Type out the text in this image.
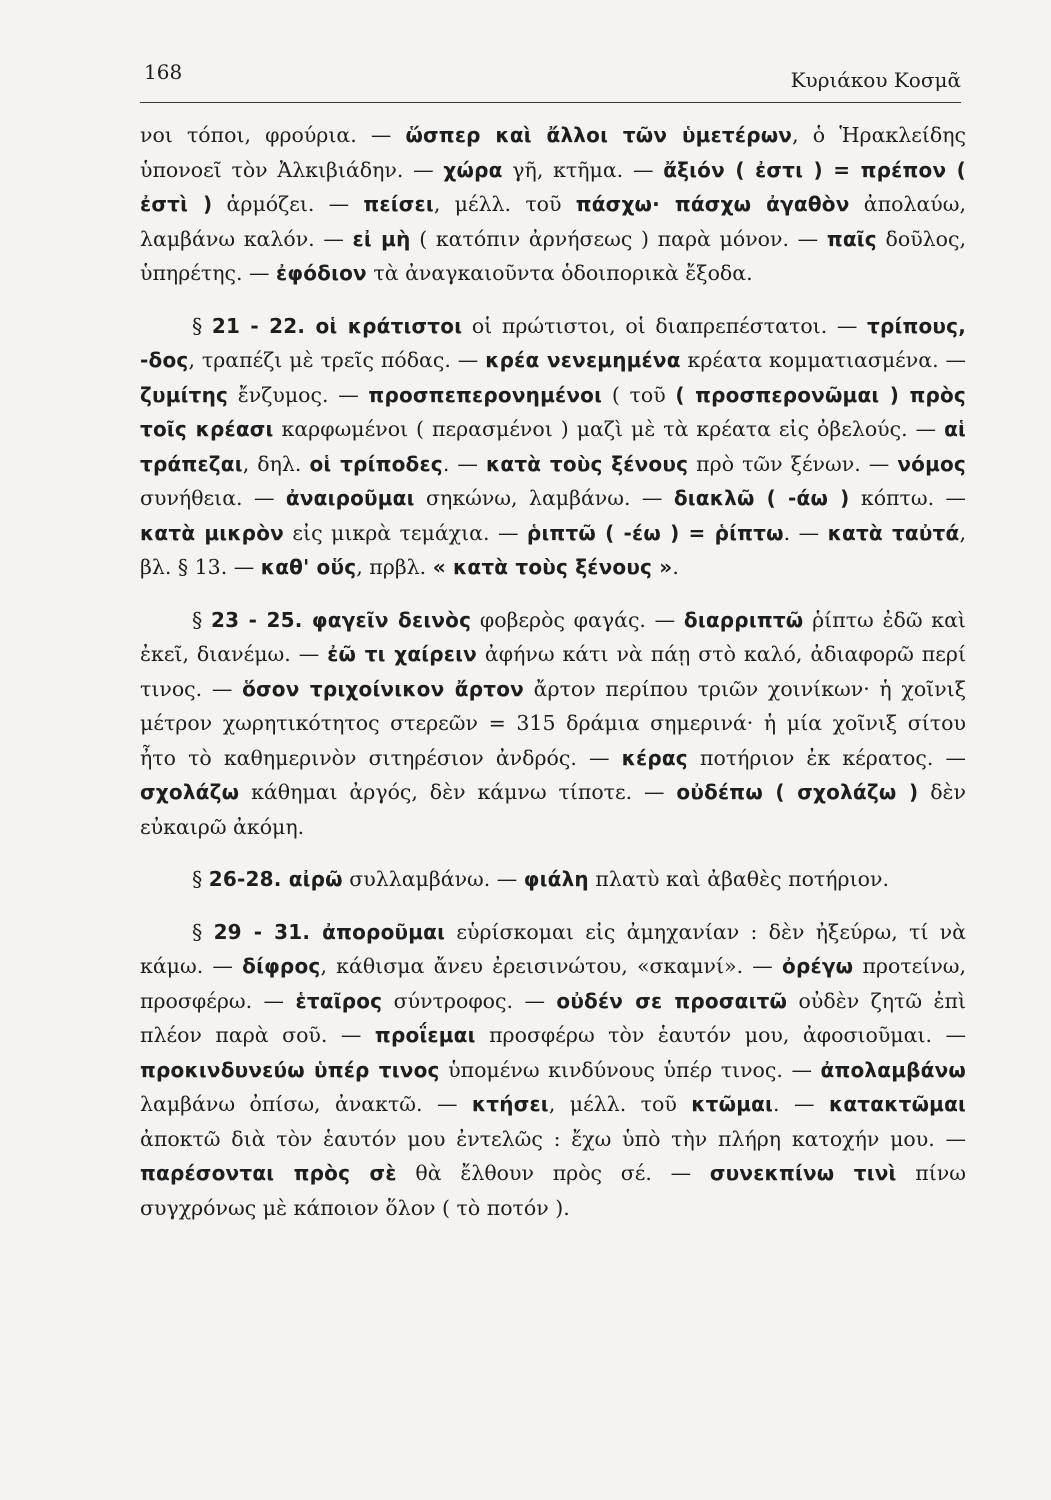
168	Κυριάκου Κοσμᾶ

νοι τόποι, φρούρια. — ὥσπερ καὶ ἄλλοι τῶν ὑμετέρων, ὁ Ἡρακλείδης ὑπονοεῖ τὸν Ἀλκιβιάδην. — χώρα γῆ, κτῆμα. — ἄξιόν ( ἐστι ) = πρέπον ( ἐστὶ ) ἁρμόζει. — πείσει, μέλλ. τοῦ πάσχω· πάσχω ἀγαθὸν ἀπολαύω, λαμβάνω καλόν. — εἰ μὴ ( κατόπιν ἀρνήσεως ) παρὰ μόνον. — παῖς δοῦλος, ὑπηρέτης. — ἐφόδιον τὰ ἀναγκαιοῦντα ὁδοιπορικὰ ἔξοδα.

§ 21 - 22. οἱ κράτιστοι οἱ πρώτιστοι, οἱ διαπρεπέστατοι. — τρίπους, -δος, τραπέζι μὲ τρεῖς πόδας. — κρέα νενεμημένα κρέατα κομματιασμένα. — ζυμίτης ἔνζυμος. — προσπεπερονημένοι ( τοῦ ( προσπερονῶμαι ) πρὸς τοῖς κρέασι καρφωμένοι ( περασμένοι ) μαζὶ μὲ τὰ κρέατα εἰς ὀβελούς. — αἱ τράπεζαι, δηλ. οἱ τρίποδες. — κατὰ τοὺς ξένους πρὸ τῶν ξένων. — νόμος συνήθεια. — ἀναιροῦμαι σηκώνω, λαμβάνω. — διακλῶ ( -άω ) κόπτω. — κατὰ μικρὸν εἰς μικρὰ τεμάχια. — ῥιπτῶ ( -έω ) = ῥίπτω. — κατὰ ταὐτά, βλ. § 13. — καθ' οὕς, πρβλ. « κατὰ τοὺς ξένους ».

§ 23 - 25. φαγεῖν δεινὸς φοβερὸς φαγάς. — διαρριπτῶ ῥίπτω ἐδῶ καὶ ἐκεῖ, διανέμω. — ἐῶ τι χαίρειν ἀφήνω κάτι νὰ πάῃ στὸ καλό, ἀδιαφορῶ περί τινος. — ὅσον τριχοίνικον ἄρτον ἄρτον περίπου τριῶν χοινίκων· ἡ χοῖνιξ μέτρον χωρητικότητος στερεῶν = 315 δράμια σημερινά· ἡ μία χοῖνιξ σίτου ἦτο τὸ καθημερινὸν σιτηρέσιον ἀνδρός. — κέρας ποτήριον ἐκ κέρατος. — σχολάζω κάθημαι ἀργός, δὲν κάμνω τίποτε. — οὐδέπω ( σχολάζω ) δὲν εὐκαιρῶ ἀκόμη.

§ 26-28. αἰρῶ συλλαμβάνω. — φιάλη πλατὺ καὶ ἀβαθὲς ποτήριον.

§ 29 - 31. ἀποροῦμαι εὑρίσκομαι εἰς ἀμηχανίαν : δὲν ἠξεύρω, τί νὰ κάμω. — δίφρος, κάθισμα ἄνευ ἐρεισινώτου, «σκαμνί». — ὀρέγω προτείνω, προσφέρω. — ἑταῖρος σύντροφος. — οὐδέν σε προσαιτῶ οὐδὲν ζητῶ ἐπὶ πλέον παρὰ σοῦ. — προΐεμαι προσφέρω τὸν ἑαυτόν μου, ἀφοσιοῦμαι. — προκινδυνεύω ὑπέρ τινος ὑπομένω κινδύνους ὑπέρ τινος. — ἀπολαμβάνω λαμβάνω ὀπίσω, ἀνακτῶ. — κτήσει, μέλλ. τοῦ κτῶμαι. — κατακτῶμαι ἀποκτῶ διὰ τὸν ἑαυτόν μου ἐντελῶς : ἔχω ὑπὸ τὴν πλήρη κατοχήν μου. — παρέσονται πρὸς σὲ θὰ ἔλθουν πρὸς σέ. — συνεκπίνω τινὶ πίνω συγχρόνως μὲ κάποιον ὅλον ( τὸ ποτόν ).
